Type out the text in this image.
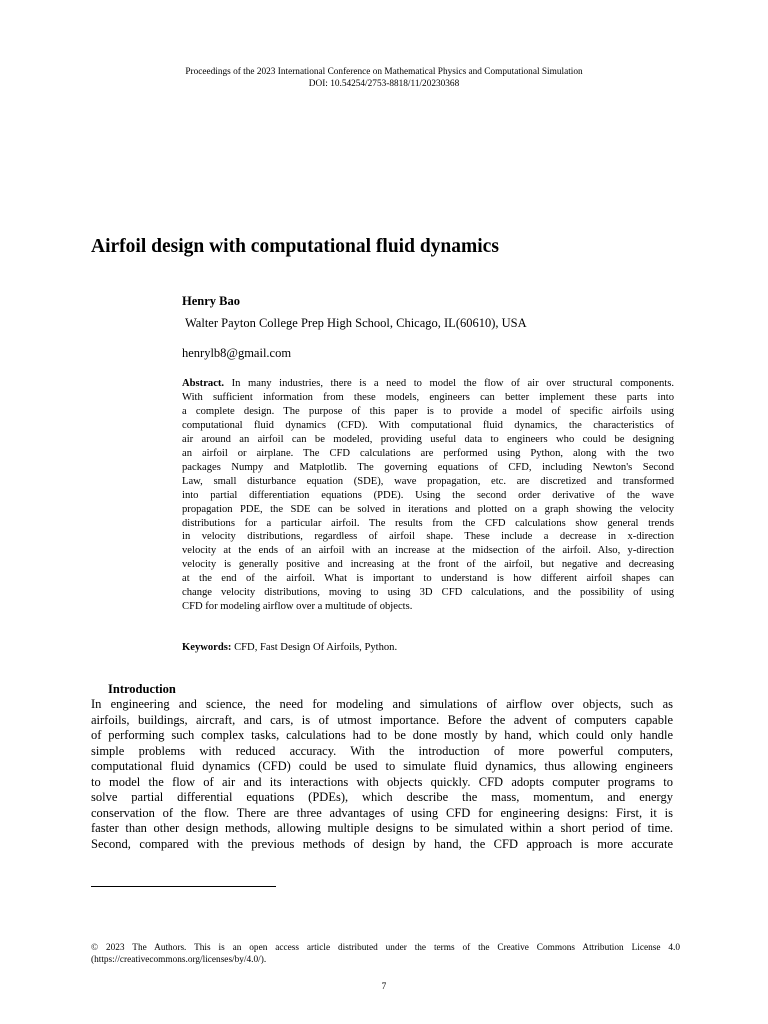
Proceedings of the 2023 International Conference on Mathematical Physics and Computational Simulation
DOI: 10.54254/2753-8818/11/20230368
Airfoil design with computational fluid dynamics
Henry Bao
Walter Payton College Prep High School, Chicago, IL(60610), USA
henrylb8@gmail.com
Abstract. In many industries, there is a need to model the flow of air over structural components.
With sufficient information from these models, engineers can better implement these parts into
a complete design. The purpose of this paper is to provide a model of specific airfoils using
computational fluid dynamics (CFD). With computational fluid dynamics, the characteristics of
air around an airfoil can be modeled, providing useful data to engineers who could be designing
an airfoil or airplane. The CFD calculations are performed using Python, along with the two
packages Numpy and Matplotlib. The governing equations of CFD, including Newton's Second
Law, small disturbance equation (SDE), wave propagation, etc. are discretized and transformed
into partial differentiation equations (PDE). Using the second order derivative of the wave
propagation PDE, the SDE can be solved in iterations and plotted on a graph showing the velocity
distributions for a particular airfoil. The results from the CFD calculations show general trends
in velocity distributions, regardless of airfoil shape. These include a decrease in x-direction
velocity at the ends of an airfoil with an increase at the midsection of the airfoil. Also, y-direction
velocity is generally positive and increasing at the front of the airfoil, but negative and decreasing
at the end of the airfoil. What is important to understand is how different airfoil shapes can
change velocity distributions, moving to using 3D CFD calculations, and the possibility of using
CFD for modeling airflow over a multitude of objects.
Keywords: CFD, Fast Design Of Airfoils, Python.
Introduction
In engineering and science, the need for modeling and simulations of airflow over objects, such as
airfoils, buildings, aircraft, and cars, is of utmost importance. Before the advent of computers capable
of performing such complex tasks, calculations had to be done mostly by hand, which could only handle
simple problems with reduced accuracy. With the introduction of more powerful computers,
computational fluid dynamics (CFD) could be used to simulate fluid dynamics, thus allowing engineers
to model the flow of air and its interactions with objects quickly. CFD adopts computer programs to
solve partial differential equations (PDEs), which describe the mass, momentum, and energy
conservation of the flow. There are three advantages of using CFD for engineering designs: First, it is
faster than other design methods, allowing multiple designs to be simulated within a short period of time.
Second, compared with the previous methods of design by hand, the CFD approach is more accurate
© 2023 The Authors. This is an open access article distributed under the terms of the Creative Commons Attribution License 4.0
(https://creativecommons.org/licenses/by/4.0/).
7
